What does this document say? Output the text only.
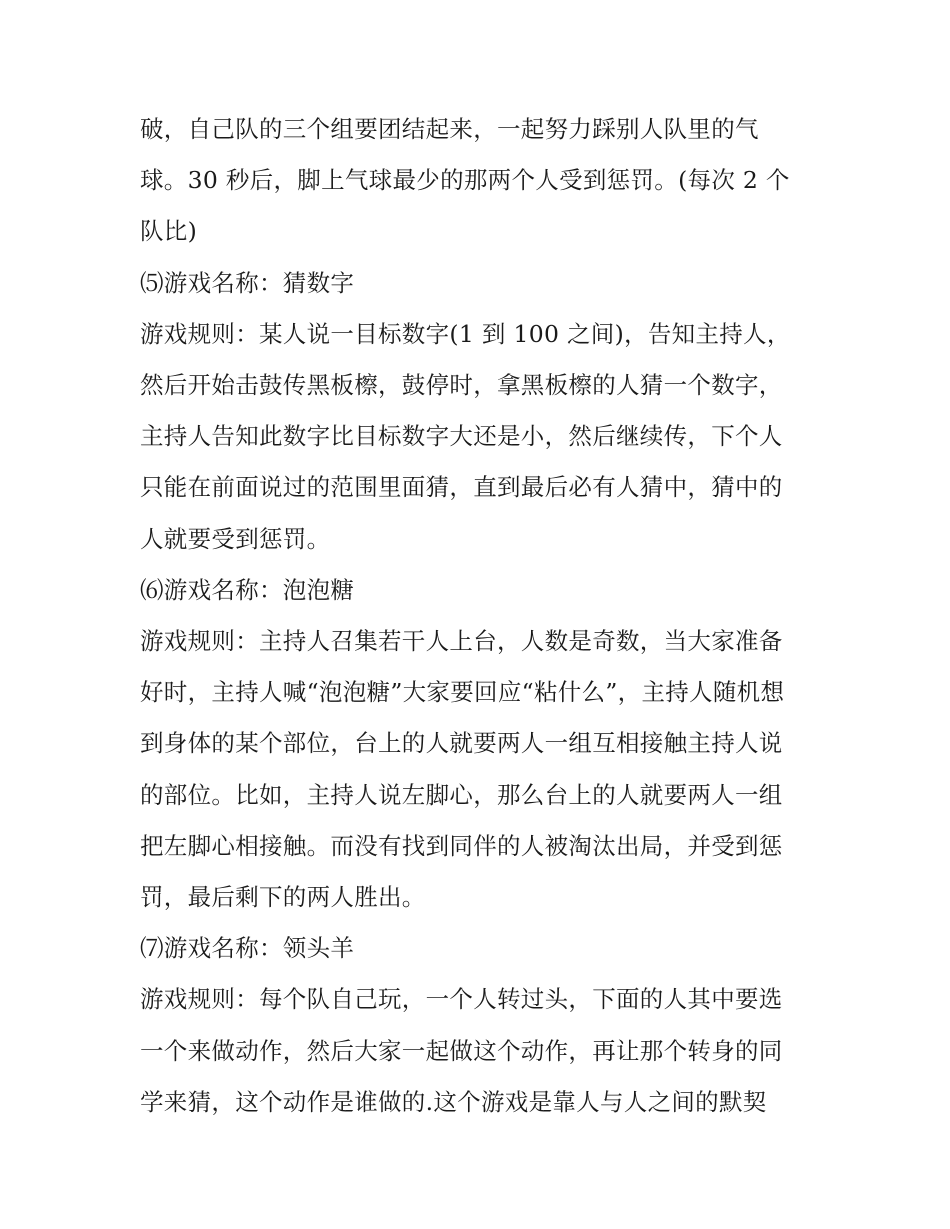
破，自己队的三个组要团结起来，一起努力踩别人队里的气
球。30 秒后，脚上气球最少的那两个人受到惩罚。(每次 2 个
队比)
⑸游戏名称：猜数字
游戏规则：某人说一目标数字(1 到 100 之间)，告知主持人，
然后开始击鼓传黑板檫，鼓停时，拿黑板檫的人猜一个数字，
主持人告知此数字比目标数字大还是小，然后继续传，下个人
只能在前面说过的范围里面猜，直到最后必有人猜中，猜中的
人就要受到惩罚。
⑹游戏名称：泡泡糖
游戏规则：主持人召集若干人上台，人数是奇数，当大家准备
好时，主持人喊“泡泡糖”大家要回应“粘什么”，主持人随机想
到身体的某个部位，台上的人就要两人一组互相接触主持人说
的部位。比如，主持人说左脚心，那么台上的人就要两人一组
把左脚心相接触。而没有找到同伴的人被淘汰出局，并受到惩
罚，最后剩下的两人胜出。
⑺游戏名称：领头羊
游戏规则：每个队自己玩，一个人转过头，下面的人其中要选
一个来做动作，然后大家一起做这个动作，再让那个转身的同
学来猜，这个动作是谁做的.这个游戏是靠人与人之间的默契
